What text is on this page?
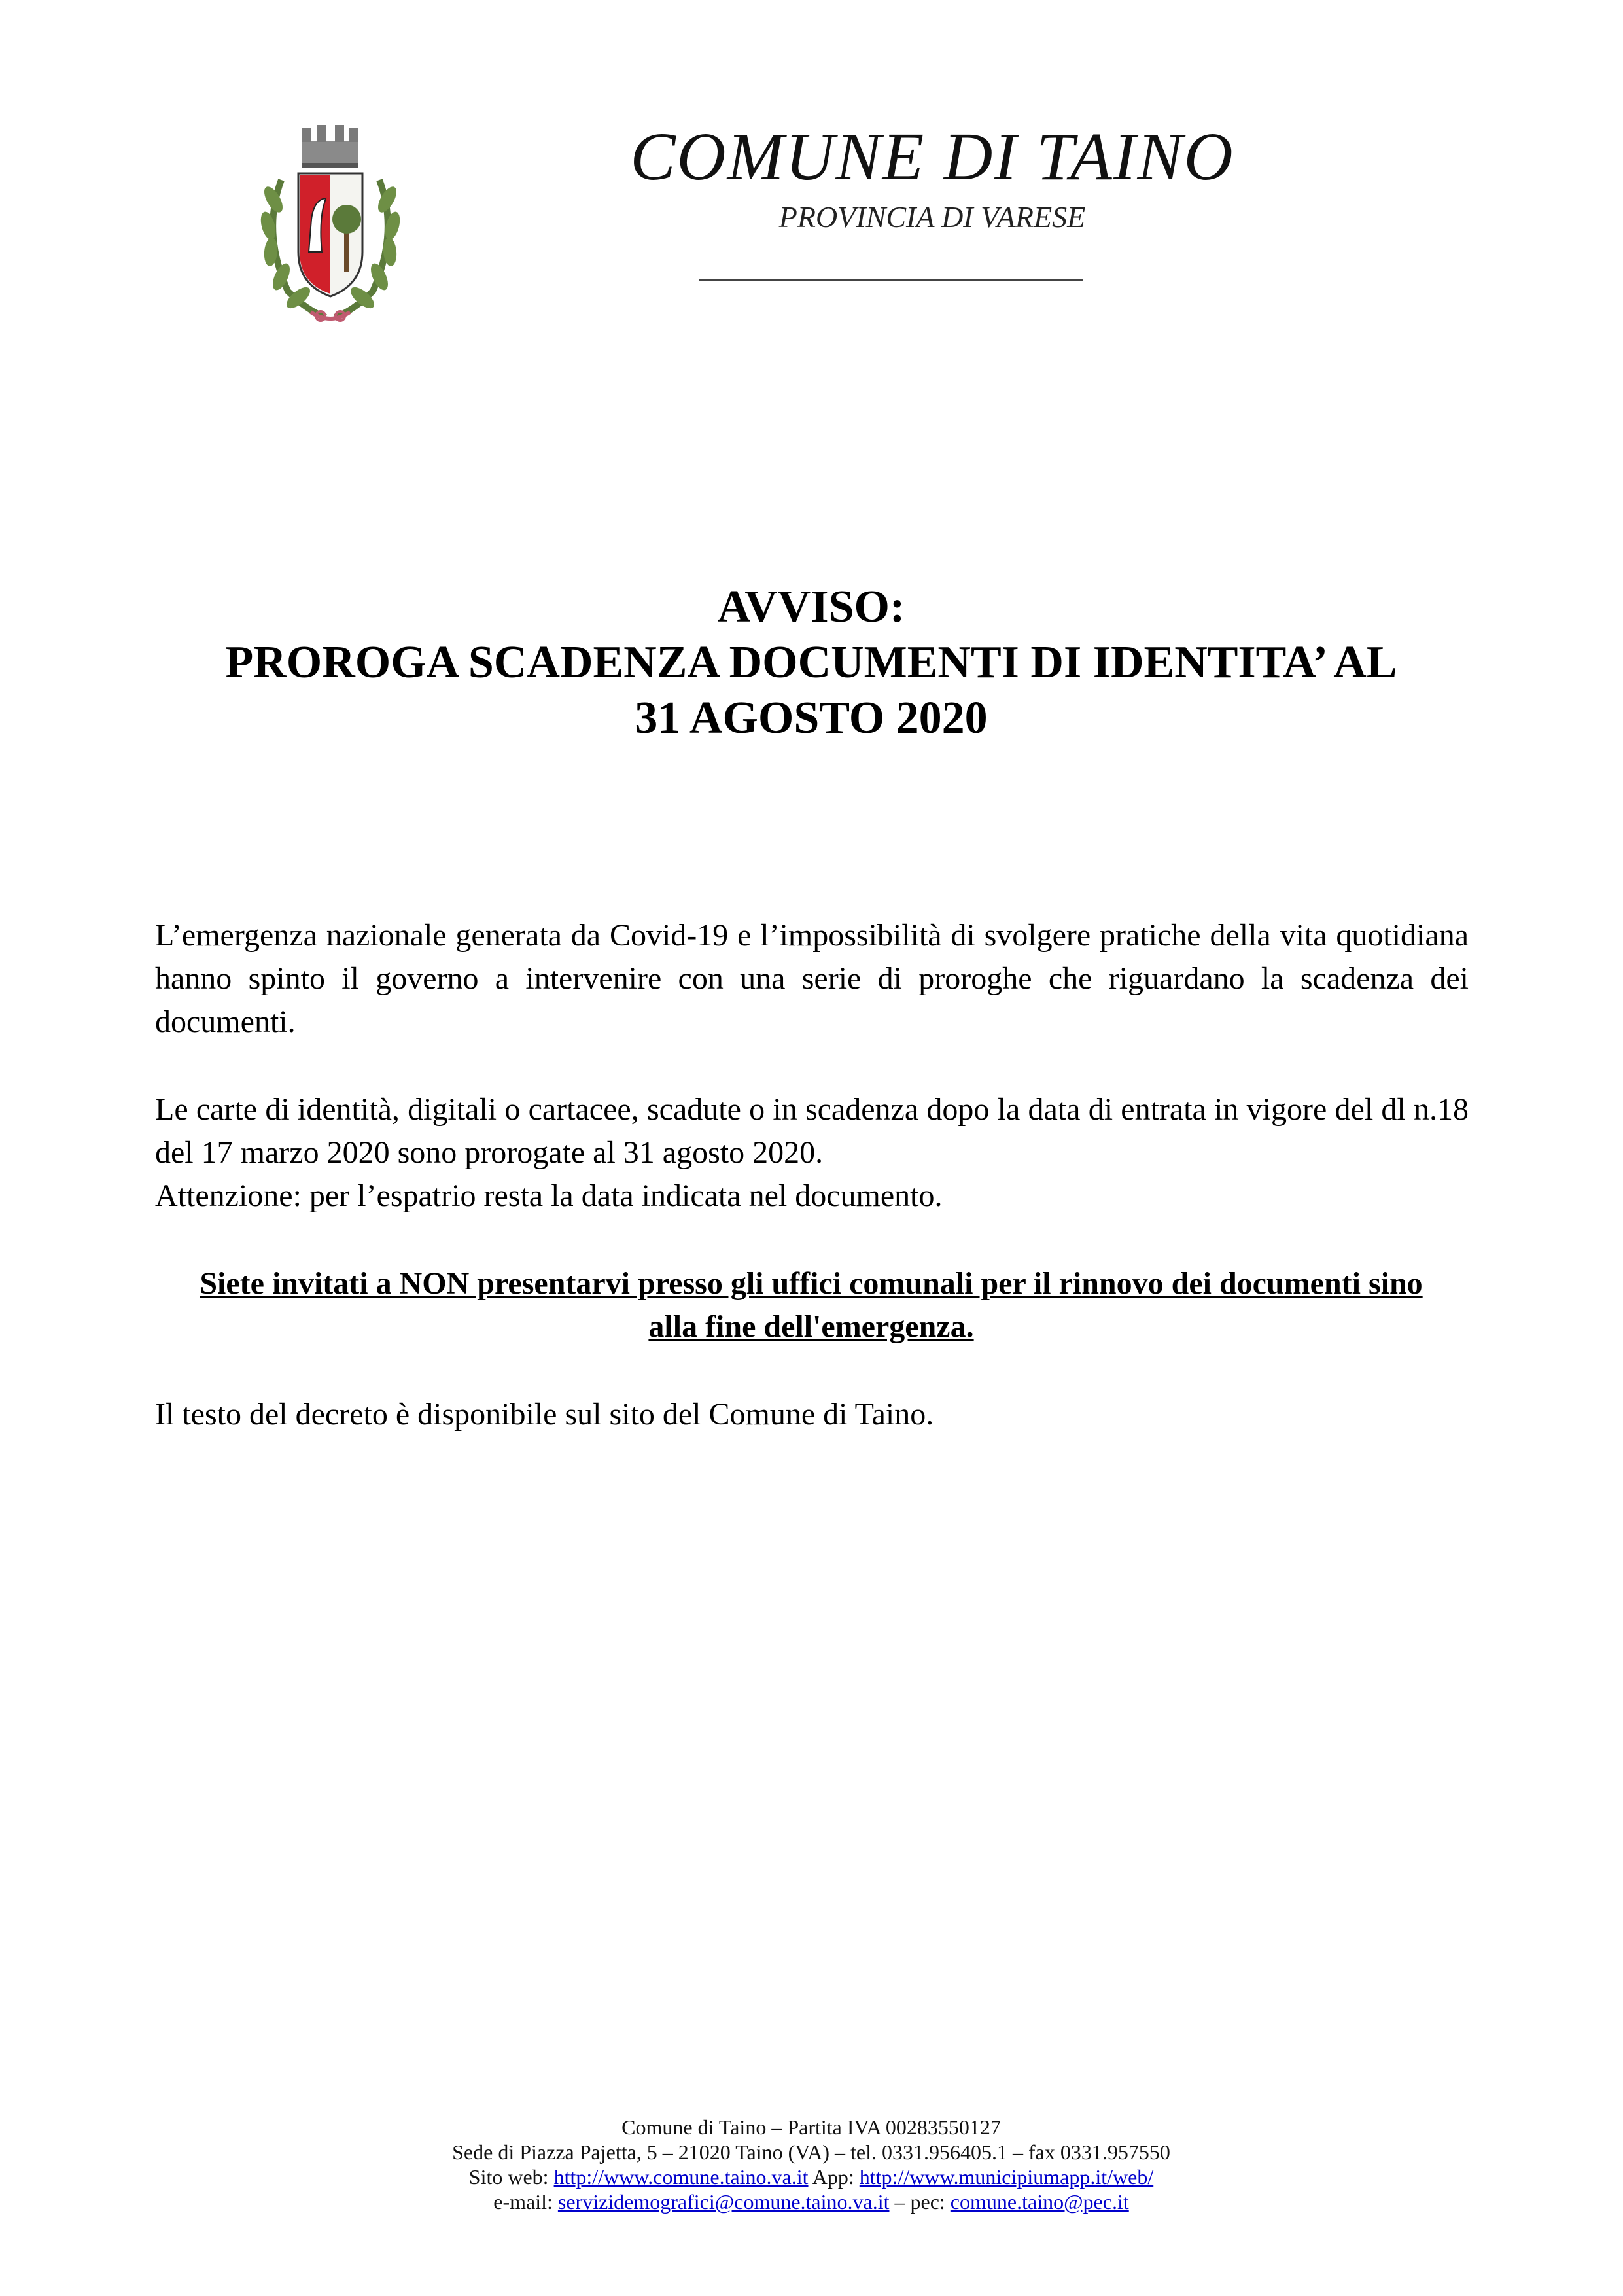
COMUNE DI TAINO
PROVINCIA DI VARESE
AVVISO:
PROROGA SCADENZA DOCUMENTI DI IDENTITA’ AL
31 AGOSTO 2020
L’emergenza nazionale generata da Covid-19 e l’impossibilità di svolgere pratiche della vita quotidiana hanno spinto il governo a intervenire con una serie di proroghe che riguardano la scadenza dei documenti.
Le carte di identità, digitali o cartacee, scadute o in scadenza dopo la data di entrata in vigore del dl n.18 del 17 marzo 2020 sono prorogate al 31 agosto 2020.
Attenzione: per l’espatrio resta la data indicata nel documento.
Siete invitati a NON presentarvi presso gli uffici comunali per il rinnovo dei documenti sino
alla fine dell'emergenza.
Il testo del decreto è disponibile sul sito del Comune di Taino.
Comune di Taino – Partita IVA 00283550127
Sede di Piazza Pajetta, 5 – 21020 Taino (VA) – tel. 0331.956405.1 – fax 0331.957550
Sito web: http://www.comune.taino.va.it App: http://www.municipiumapp.it/web/
e-mail: servizidemografici@comune.taino.va.it – pec: comune.taino@pec.it
